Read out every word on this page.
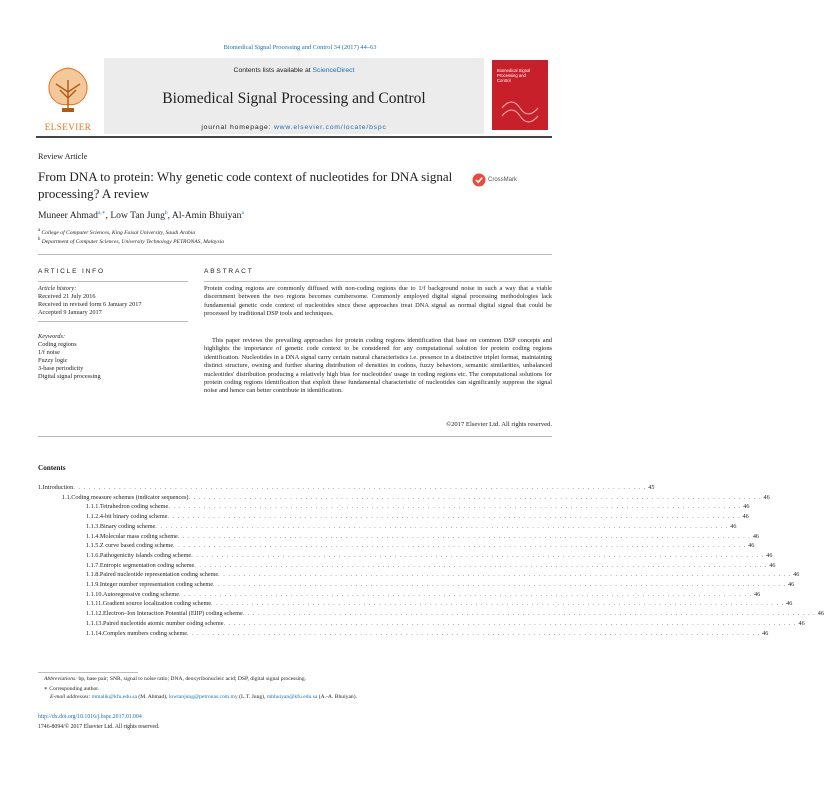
Biomedical Signal Processing and Control 34 (2017) 44–63
ELSEVIER
Contents lists available at ScienceDirect
Biomedical Signal Processing and Control
journal homepage: www.elsevier.com/locate/bspc
Biomedical Signal Processing and Control
Review Article
From DNA to protein: Why genetic code context of nucleotides for DNA signal processing? A review
CrossMark
Muneer Ahmad$^{a,∗}$, Low Tan Jung$^b$, Al-Amin Bhuiyan$^a$
$^a$ College of Computer Sciences, King Faisal University, Saudi Arabia
$^b$ Department of Computer Sciences, University Technology PETRONAS, Malaysia
ARTICLE INFO
Article history:
Received 21 July 2016
Received in revised form 6 January 2017
Accepted 9 January 2017
Keywords:
Coding regions
1/f noise
Fuzzy logic
3-base periodicity
Digital signal processing
ABSTRACT
Protein coding regions are commonly diffused with non-coding regions due to 1/f background noise in such a way that a viable discernment between the two regions becomes cumbersome. Commonly employed digital signal processing methodologies lack fundamental genetic code context of nucleotides since these approaches treat DNA signal as normal digital signal that could be processed by traditional DSP tools and techniques.
This paper reviews the prevailing approaches for protein coding regions identification that base on common DSP concepts and highlights the importance of genetic code context to be considered for any computational solution for protein coding regions identification. Nucleotides in a DNA signal carry certain natural characteristics i.e. presence in a distinctive triplet format, maintaining distinct structure, owning and further sharing distribution of densities in codons, fuzzy behaviors, semantic similarities, unbalanced nucleotides' distribution producing a relatively high bias for nucleotides' usage in coding regions etc. The computational solutions for protein coding regions identification that exploit these fundamental characteristic of nucleotides can significantly suppress the signal noise and hence can better contribute in identification.
©2017 Elsevier Ltd. All rights reserved.
Contents
1. Introduction . . . . . . . . . . . . . . . . . . . . . . . . . . . . . . . . . . . . . . . . . . . . . . . . . . . . . . . . . . . . . . . . . . . . . . . . . . . . . . . . . . . . . . . . . . . . . . . . . . . . . . . . . . . . . . . . . 45
1.1. Coding measure schemes (indicator sequences) . . . . . . . . . . . . . . . . . . . . . . . . . . . . . . . . . . . . . . . . . . . . . . . . . . . . . . . . . . . . . . . . . . . . . . . . . . . . . . . . . . . . . . . . . . . . . . . . . . . . . . . . . . . . . . . . . 46
1.1.1. Tetrahedron coding scheme . . . . . . . . . . . . . . . . . . . . . . . . . . . . . . . . . . . . . . . . . . . . . . . . . . . . . . . . . . . . . . . . . . . . . . . . . . . . . . . . . . . . . . . . . . . . . . . . . . . . . . . . . . . . . . . . . 46
1.1.2. 4-bit binary coding scheme . . . . . . . . . . . . . . . . . . . . . . . . . . . . . . . . . . . . . . . . . . . . . . . . . . . . . . . . . . . . . . . . . . . . . . . . . . . . . . . . . . . . . . . . . . . . . . . . . . . . . . . . . . . . . . . . . 46
1.1.3. Binary coding scheme . . . . . . . . . . . . . . . . . . . . . . . . . . . . . . . . . . . . . . . . . . . . . . . . . . . . . . . . . . . . . . . . . . . . . . . . . . . . . . . . . . . . . . . . . . . . . . . . . . . . . . . . . . . . . . . . . 46
1.1.4. Molecular mass coding scheme . . . . . . . . . . . . . . . . . . . . . . . . . . . . . . . . . . . . . . . . . . . . . . . . . . . . . . . . . . . . . . . . . . . . . . . . . . . . . . . . . . . . . . . . . . . . . . . . . . . . . . . . . . . . . . . . . 46
1.1.5. Z curve based coding scheme . . . . . . . . . . . . . . . . . . . . . . . . . . . . . . . . . . . . . . . . . . . . . . . . . . . . . . . . . . . . . . . . . . . . . . . . . . . . . . . . . . . . . . . . . . . . . . . . . . . . . . . . . . . . . . . . . 46
1.1.6. Pathogenicity islands coding scheme . . . . . . . . . . . . . . . . . . . . . . . . . . . . . . . . . . . . . . . . . . . . . . . . . . . . . . . . . . . . . . . . . . . . . . . . . . . . . . . . . . . . . . . . . . . . . . . . . . . . . . . . . . . . . . . . . 46
1.1.7. Entropic segmentation coding scheme . . . . . . . . . . . . . . . . . . . . . . . . . . . . . . . . . . . . . . . . . . . . . . . . . . . . . . . . . . . . . . . . . . . . . . . . . . . . . . . . . . . . . . . . . . . . . . . . . . . . . . . . . . . . . . . . . 46
1.1.8. Paired nucleotide representation coding scheme . . . . . . . . . . . . . . . . . . . . . . . . . . . . . . . . . . . . . . . . . . . . . . . . . . . . . . . . . . . . . . . . . . . . . . . . . . . . . . . . . . . . . . . . . . . . . . . . . . . . . . . . . . . . . . . . . 46
1.1.9. Integer number representation coding scheme . . . . . . . . . . . . . . . . . . . . . . . . . . . . . . . . . . . . . . . . . . . . . . . . . . . . . . . . . . . . . . . . . . . . . . . . . . . . . . . . . . . . . . . . . . . . . . . . . . . . . . . . . . . . . . . . . 46
1.1.10. Autoregressive coding scheme . . . . . . . . . . . . . . . . . . . . . . . . . . . . . . . . . . . . . . . . . . . . . . . . . . . . . . . . . . . . . . . . . . . . . . . . . . . . . . . . . . . . . . . . . . . . . . . . . . . . . . . . . . . . . . . . . 46
1.1.11. Gradient source localization coding scheme . . . . . . . . . . . . . . . . . . . . . . . . . . . . . . . . . . . . . . . . . . . . . . . . . . . . . . . . . . . . . . . . . . . . . . . . . . . . . . . . . . . . . . . . . . . . . . . . . . . . . . . . . . . . . . . . . 46
1.1.12. Electron–Ion Interaction Potential (EIIP) coding scheme . . . . . . . . . . . . . . . . . . . . . . . . . . . . . . . . . . . . . . . . . . . . . . . . . . . . . . . . . . . . . . . . . . . . . . . . . . . . . . . . . . . . . . . . . . . . . . . . . . . . . . . . . . . . . . . . . 46
1.1.13. Paired nucleotide atomic number coding scheme . . . . . . . . . . . . . . . . . . . . . . . . . . . . . . . . . . . . . . . . . . . . . . . . . . . . . . . . . . . . . . . . . . . . . . . . . . . . . . . . . . . . . . . . . . . . . . . . . . . . . . . . . . . . . . . . . 46
1.1.14. Complex numbers coding scheme . . . . . . . . . . . . . . . . . . . . . . . . . . . . . . . . . . . . . . . . . . . . . . . . . . . . . . . . . . . . . . . . . . . . . . . . . . . . . . . . . . . . . . . . . . . . . . . . . . . . . . . . . . . . . . . . . 46
Abbreviations: bp, base pair; SNR, signal to noise ratio; DNA, deoxyribonucleic acid; DSP, digital signal processing.
∗ Corresponding author.
E-mail addresses: mmalik@kfu.edu.sa (M. Ahmad), lowtanjung@petronas.com.my (L.T. Jung), mbhuiyan@kfu.edu.sa (A.-A. Bhuiyan).
http://dx.doi.org/10.1016/j.bspc.2017.01.004
1746-8094/© 2017 Elsevier Ltd. All rights reserved.
